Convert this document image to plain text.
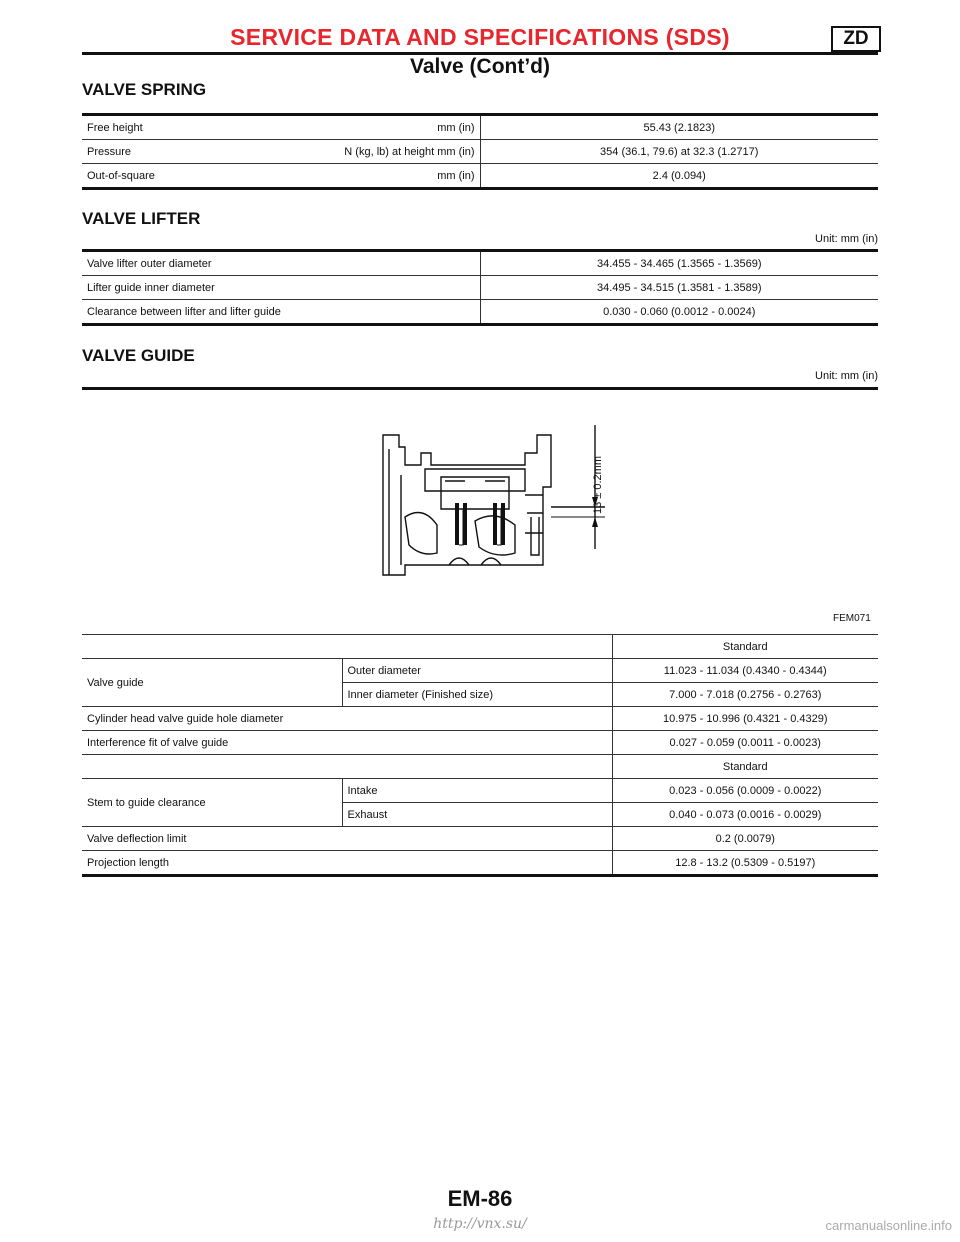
SERVICE DATA AND SPECIFICATIONS (SDS)	ZD
Valve (Cont’d)
VALVE SPRING
Free height mm (in)	55.43 (2.1823)
Pressure N (kg, lb) at height mm (in)	354 (36.1, 79.6) at 32.3 (1.2717)
Out-of-square mm (in)	2.4 (0.094)
VALVE LIFTER
Unit: mm (in)
Valve lifter outer diameter	34.455 - 34.465 (1.3565 - 1.3569)
Lifter guide inner diameter	34.495 - 34.515 (1.3581 - 1.3589)
Clearance between lifter and lifter guide	0.030 - 0.060 (0.0012 - 0.0024)
VALVE GUIDE
Unit: mm (in)
13 ± 0.2mm
FEM071
		Standard
Valve guide	Outer diameter	11.023 - 11.034 (0.4340 - 0.4344)
	Inner diameter (Finished size)	7.000 - 7.018 (0.2756 - 0.2763)
Cylinder head valve guide hole diameter		10.975 - 10.996 (0.4321 - 0.4329)
Interference fit of valve guide		0.027 - 0.059 (0.0011 - 0.0023)
		Standard
Stem to guide clearance	Intake	0.023 - 0.056 (0.0009 - 0.0022)
	Exhaust	0.040 - 0.073 (0.0016 - 0.0029)
Valve deflection limit		0.2 (0.0079)
Projection length		12.8 - 13.2 (0.5309 - 0.5197)
EM-86
http://vnx.su/	carmanualsonline.info
